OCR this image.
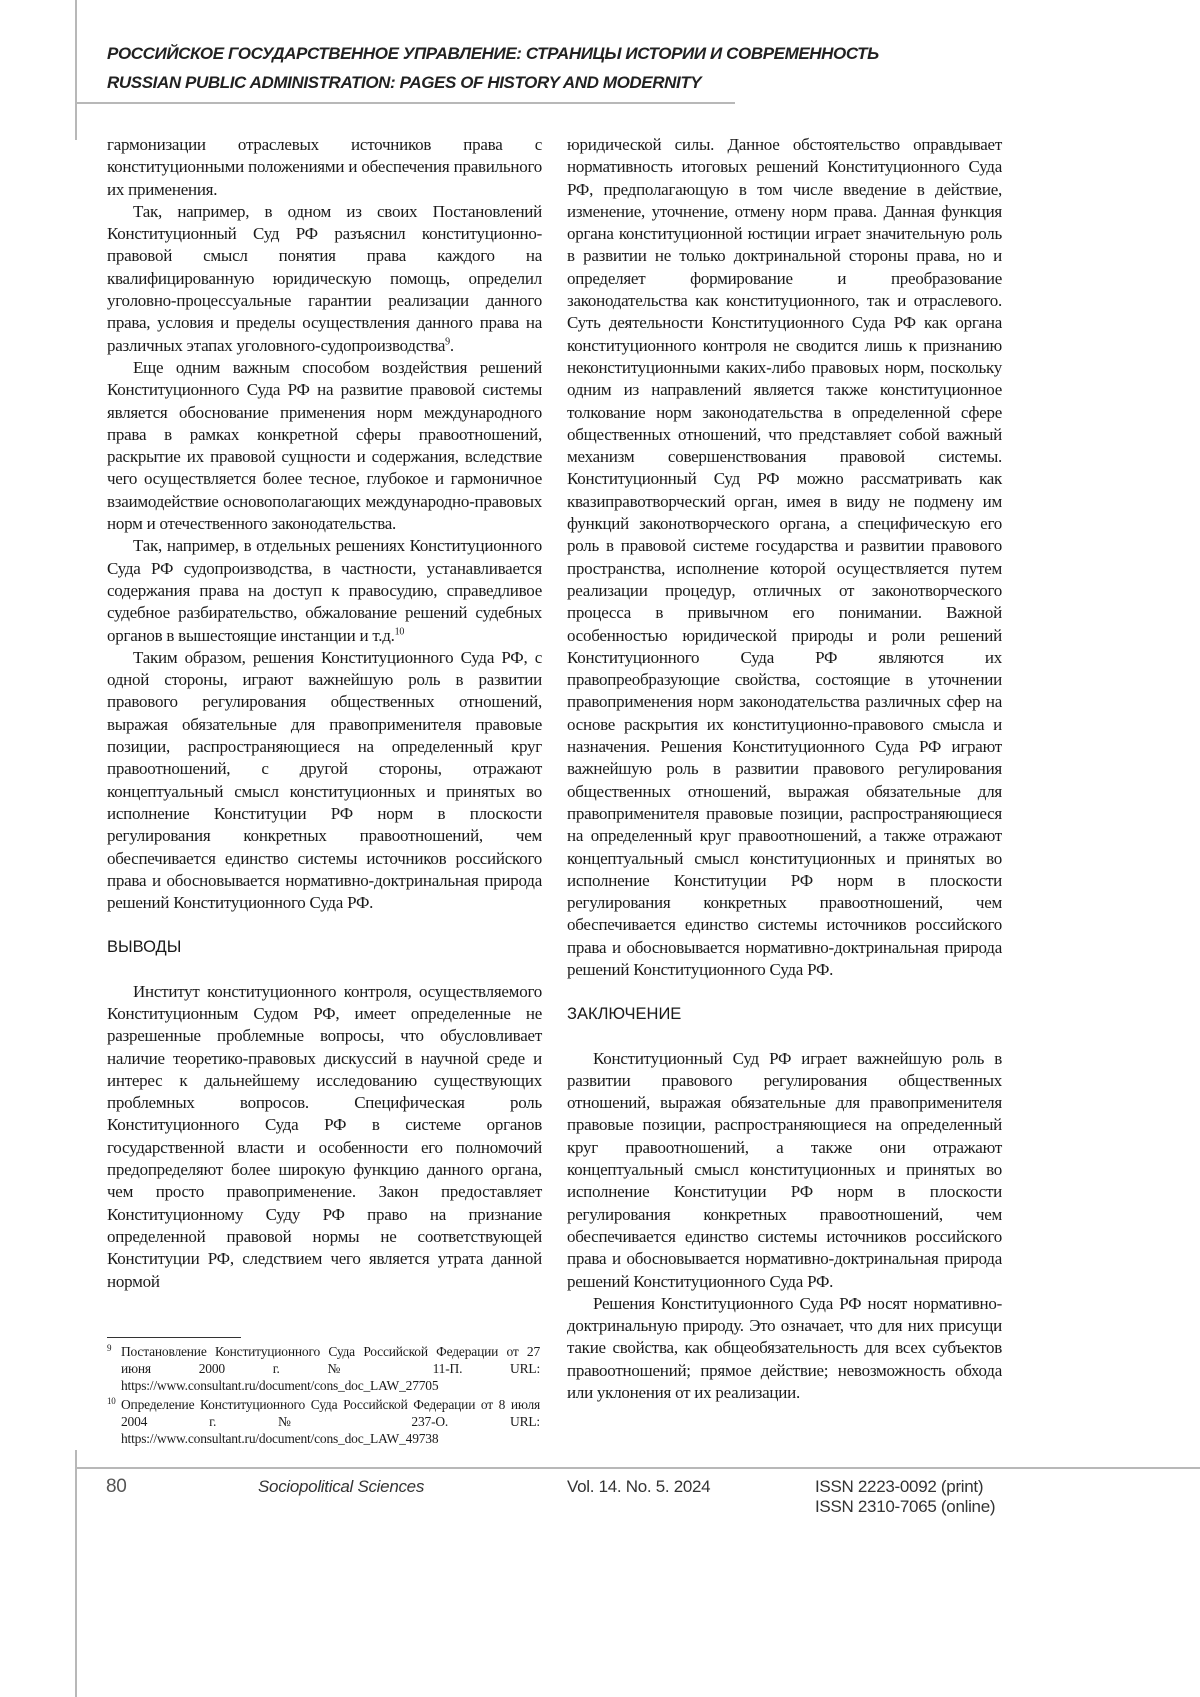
РОССИЙСКОЕ ГОСУДАРСТВЕННОЕ УПРАВЛЕНИЕ: СТРАНИЦЫ ИСТОРИИ И СОВРЕМЕННОСТЬ
RUSSIAN PUBLIC ADMINISTRATION: PAGES OF HISTORY AND MODERNITY

гармонизации отраслевых источников права с конституционными положениями и обеспечения правильного их применения.

Так, например, в одном из своих Постановлений Конституционный Суд РФ разъяснил конституционно-правовой смысл понятия права каждого на квалифицированную юридическую помощь, определил уголовно-процессуальные гарантии реализации данного права, условия и пределы осуществления данного права на различных этапах уголовного-судопроизводства9.

Еще одним важным способом воздействия решений Конституционного Суда РФ на развитие правовой системы является обоснование применения норм международного права в рамках конкретной сферы правоотношений, раскрытие их правовой сущности и содержания, вследствие чего осуществляется более тесное, глубокое и гармоничное взаимодействие основополагающих международно-правовых норм и отечественного законодательства.

Так, например, в отдельных решениях Конституционного Суда РФ судопроизводства, в частности, устанавливается содержания права на доступ к правосудию, справедливое судебное разбирательство, обжалование решений судебных органов в вышестоящие инстанции и т.д.10

Таким образом, решения Конституционного Суда РФ, с одной стороны, играют важнейшую роль в развитии правового регулирования общественных отношений, выражая обязательные для правоприменителя правовые позиции, распространяющиеся на определенный круг правоотношений, с другой стороны, отражают концептуальный смысл конституционных и принятых во исполнение Конституции РФ норм в плоскости регулирования конкретных правоотношений, чем обеспечивается единство системы источников российского права и обосновывается нормативно-доктринальная природа решений Конституционного Суда РФ.

ВЫВОДЫ

Институт конституционного контроля, осуществляемого Конституционным Судом РФ, имеет определенные не разрешенные проблемные вопросы, что обусловливает наличие теоретико-правовых дискуссий в научной среде и интерес к дальнейшему исследованию существующих проблемных вопросов. Специфическая роль Конституционного Суда РФ в системе органов государственной власти и особенности его полномочий предопределяют более широкую функцию данного органа, чем просто правоприменение. Закон предоставляет Конституционному Суду РФ право на признание определенной правовой нормы не соответствующей Конституции РФ, следствием чего является утрата данной нормой

юридической силы. Данное обстоятельство оправдывает нормативность итоговых решений Конституционного Суда РФ, предполагающую в том числе введение в действие, изменение, уточнение, отмену норм права. Данная функция органа конституционной юстиции играет значительную роль в развитии не только доктринальной стороны права, но и определяет формирование и преобразование законодательства как конституционного, так и отраслевого. Суть деятельности Конституционного Суда РФ как органа конституционного контроля не сводится лишь к признанию неконституционными каких-либо правовых норм, поскольку одним из направлений является также конституционное толкование норм законодательства в определенной сфере общественных отношений, что представляет собой важный механизм совершенствования правовой системы. Конституционный Суд РФ можно рассматривать как квазиправотворческий орган, имея в виду не подмену им функций законотворческого органа, а специфическую его роль в правовой системе государства и развитии правового пространства, исполнение которой осуществляется путем реализации процедур, отличных от законотворческого процесса в привычном его понимании. Важной особенностью юридической природы и роли решений Конституционного Суда РФ являются их правопреобразующие свойства, состоящие в уточнении правоприменения норм законодательства различных сфер на основе раскрытия их конституционно-правового смысла и назначения. Решения Конституционного Суда РФ играют важнейшую роль в развитии правового регулирования общественных отношений, выражая обязательные для правоприменителя правовые позиции, распространяющиеся на определенный круг правоотношений, а также отражают концептуальный смысл конституционных и принятых во исполнение Конституции РФ норм в плоскости регулирования конкретных правоотношений, чем обеспечивается единство системы источников российского права и обосновывается нормативно-доктринальная природа решений Конституционного Суда РФ.

ЗАКЛЮЧЕНИЕ

Конституционный Суд РФ играет важнейшую роль в развитии правового регулирования общественных отношений, выражая обязательные для правоприменителя правовые позиции, распространяющиеся на определенный круг правоотношений, а также они отражают концептуальный смысл конституционных и принятых во исполнение Конституции РФ норм в плоскости регулирования конкретных правоотношений, чем обеспечивается единство системы источников российского права и обосновывается нормативно-доктринальная природа решений Конституционного Суда РФ.

Решения Конституционного Суда РФ носят нормативно-доктринальную природу. Это означает, что для них присущи такие свойства, как общеобязательность для всех субъектов правоотношений; прямое действие; невозможность обхода или уклонения от их реализации.

9 Постановление Конституционного Суда Российской Федерации от 27 июня 2000 г. № 11-П. URL: https://www.consultant.ru/document/cons_doc_LAW_27705
10 Определение Конституционного Суда Российской Федерации от 8 июля 2004 г. № 237-О. URL: https://www.consultant.ru/document/cons_doc_LAW_49738
80	Sociopolitical Sciences	Vol. 14. No. 5. 2024	ISSN 2223-0092 (print)
ISSN 2310-7065 (online)
